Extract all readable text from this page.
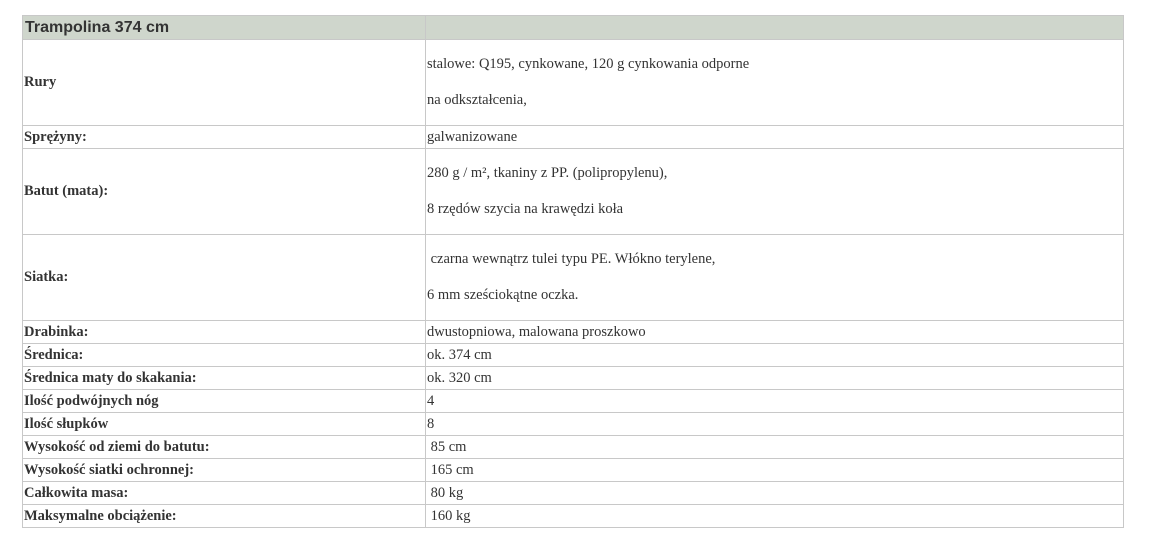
Trampolina 374 cm	
Rury	stalowe: Q195, cynkowane, 120 g cynkowania odporne

na odkształcenia,

Sprężyny:	galwanizowane
Batut (mata):	280 g / m², tkaniny z PP. (polipropylenu),

8 rzędów szycia na krawędzi koła

Siatka:	czarna wewnątrz tulei typu PE. Włókno terylene,

6 mm sześciokątne oczka.

Drabinka:	dwustopniowa, malowana proszkowo
Średnica:	ok. 374 cm
Średnica maty do skakania:	ok. 320 cm
Ilość podwójnych nóg	4
Ilość słupków	8
Wysokość od ziemi do batutu:	85 cm
Wysokość siatki ochronnej:	165 cm
Całkowita masa:	80 kg
Maksymalne obciążenie:	160 kg
